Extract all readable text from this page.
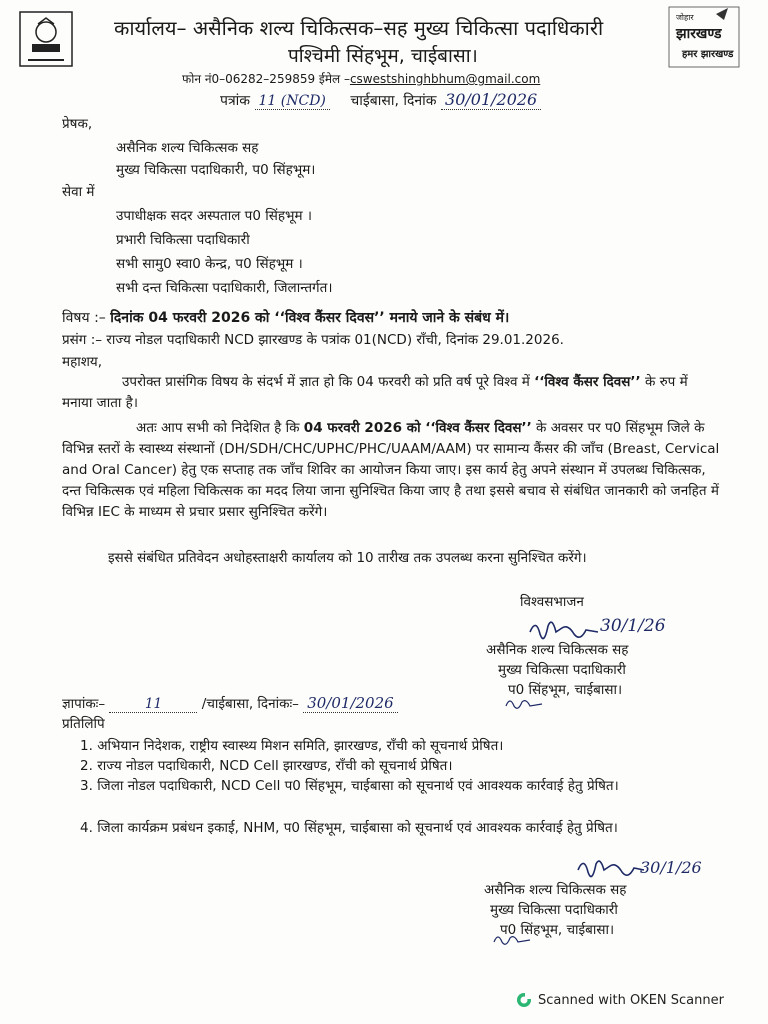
कार्यालय– असैनिक शल्य चिकित्सक–सह मुख्य चिकित्सा पदाधिकारी
पश्चिमी सिंहभूम, चाईबासा।
फोन नं0–06282–259859 ईमेल –cswestshinghbhum@gmail.com
जोहार
झारखण्ड
हमर झारखण्ड
पत्रांक 11 (NCD) चाईबासा, दिनांक 30/01/2026
प्रेषक,
असैनिक शल्य चिकित्सक सह
मुख्य चिकित्सा पदाधिकारी, प0 सिंहभूम।
सेवा में
उपाधीक्षक सदर अस्पताल प0 सिंहभूम ।
प्रभारी चिकित्सा पदाधिकारी
सभी सामु0 स्वा0 केन्द्र, प0 सिंहभूम ।
सभी दन्त चिकित्सा पदाधिकारी, जिलान्तर्गत।
विषय :– दिनांक 04 फरवरी 2026 को ‘‘विश्व कैंसर दिवस’’ मनाये जाने के संबंध में।
प्रसंग :– राज्य नोडल पदाधिकारी NCD झारखण्ड के पत्रांक 01(NCD) राँची, दिनांक 29.01.2026.
महाशय,
उपरोक्त प्रासंगिक विषय के संदर्भ में ज्ञात हो कि 04 फरवरी को प्रति वर्ष पूरे विश्व में ‘‘विश्व कैंसर दिवस’’ के रुप में मनाया जाता है।
अतः आप सभी को निदेशित है कि 04 फरवरी 2026 को ‘‘विश्व कैंसर दिवस’’ के अवसर पर प0 सिंहभूम जिले के विभिन्न स्तरों के स्वास्थ्य संस्थानों (DH/SDH/CHC/UPHC/PHC/UAAM/AAM) पर सामान्य कैंसर की जाँच (Breast, Cervical and Oral Cancer) हेतु एक सप्ताह तक जाँच शिविर का आयोजन किया जाए। इस कार्य हेतु अपने संस्थान में उपलब्ध चिकित्सक, दन्त चिकित्सक एवं महिला चिकित्सक का मदद लिया जाना सुनिश्चित किया जाए है तथा इससे बचाव से संबंधित जानकारी को जनहित में विभिन्न IEC के माध्यम से प्रचार प्रसार सुनिश्चित करेंगे।
इससे संबंधित प्रतिवेदन अधोहस्ताक्षरी कार्यालय को 10 तारीख तक उपलब्ध करना सुनिश्चित करेंगे।
विश्वसभाजन
30/1/26
असैनिक शल्य चिकित्सक सह
मुख्य चिकित्सा पदाधिकारी
प0 सिंहभूम, चाईबासा।
ज्ञापांकः–	11	/चाईबासा, दिनांकः– 30/01/2026
प्रतिलिपि
1. अभियान निदेशक, राष्ट्रीय स्वास्थ्य मिशन समिति, झारखण्ड, राँची को सूचनार्थ प्रेषित।
2. राज्य नोडल पदाधिकारी, NCD Cell झारखण्ड, राँची को सूचनार्थ प्रेषित।
3. जिला नोडल पदाधिकारी, NCD Cell प0 सिंहभूम, चाईबासा को सूचनार्थ एवं आवश्यक कार्रवाई हेतु प्रेषित।
4. जिला कार्यक्रम प्रबंधन इकाई, NHM, प0 सिंहभूम, चाईबासा को सूचनार्थ एवं आवश्यक कार्रवाई हेतु प्रेषित।
30/1/26
असैनिक शल्य चिकित्सक सह
मुख्य चिकित्सा पदाधिकारी
प0 सिंहभूम, चाईबासा।
Scanned with OKEN Scanner
